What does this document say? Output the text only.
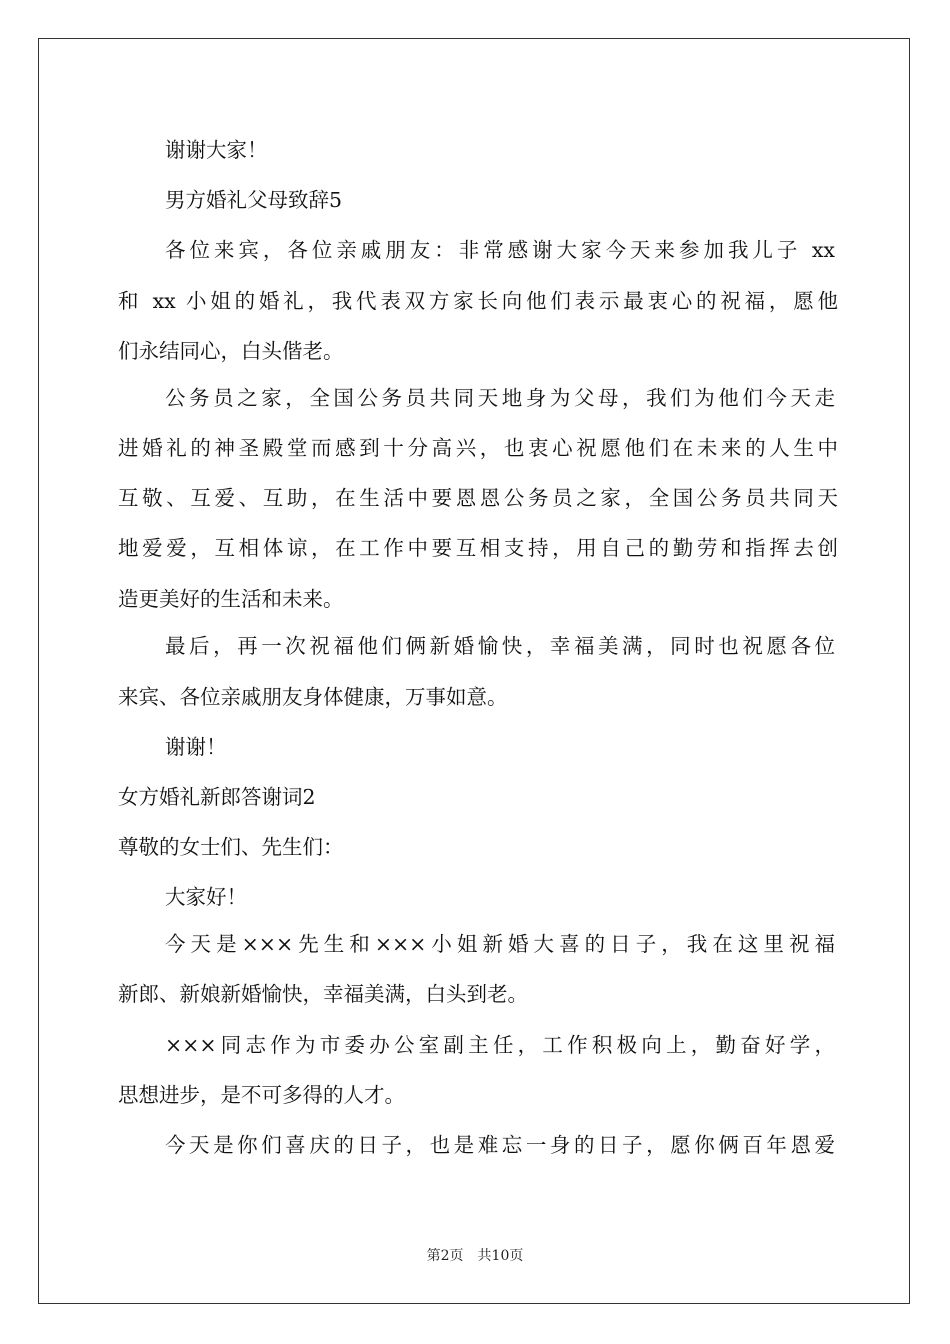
谢谢大家！
男方婚礼父母致辞5
各位来宾，各位亲戚朋友：非常感谢大家今天来参加我儿子 xx
和 xx 小姐的婚礼，我代表双方家长向他们表示最衷心的祝福，愿他
们永结同心，白头偕老。
公务员之家，全国公务员共同天地身为父母，我们为他们今天走
进婚礼的神圣殿堂而感到十分高兴，也衷心祝愿他们在未来的人生中
互敬、互爱、互助，在生活中要恩恩公务员之家，全国公务员共同天
地爱爱，互相体谅，在工作中要互相支持，用自己的勤劳和指挥去创
造更美好的生活和未来。
最后，再一次祝福他们俩新婚愉快，幸福美满，同时也祝愿各位
来宾、各位亲戚朋友身体健康，万事如意。
谢谢！
女方婚礼新郎答谢词2
尊敬的女士们、先生们：
大家好！
今天是×××先生和×××小姐新婚大喜的日子，我在这里祝福
新郎、新娘新婚愉快，幸福美满，白头到老。
×××同志作为市委办公室副主任，工作积极向上，勤奋好学，
思想进步，是不可多得的人才。
今天是你们喜庆的日子，也是难忘一身的日子，愿你俩百年恩爱
第2页 共10页
